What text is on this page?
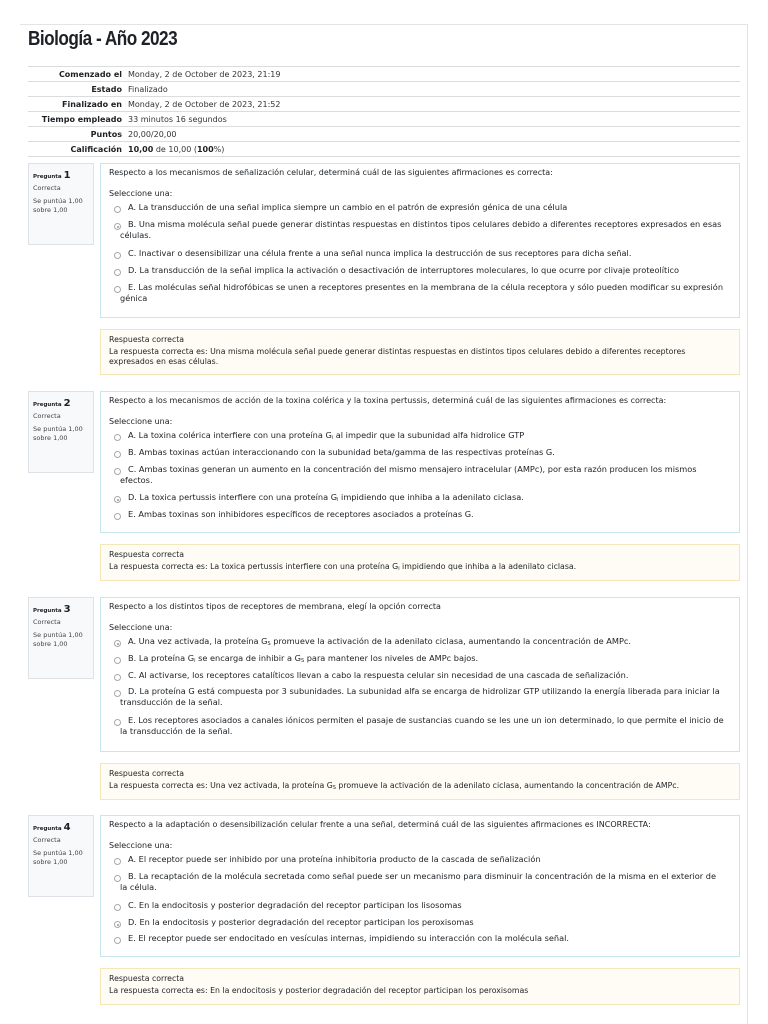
Biología - Año 2023
Comenzado el Monday, 2 de October de 2023, 21:19
Estado Finalizado
Finalizado en Monday, 2 de October de 2023, 21:52
Tiempo empleado 33 minutos 16 segundos
Puntos 20,00/20,00
Calificación 10,00 de 10,00 (100%)
Pregunta 1
Correcta
Se puntúa 1,00 sobre 1,00
Respecto a los mecanismos de señalización celular, determiná cuál de las siguientes afirmaciones es correcta:
Seleccione una:
A. La transducción de una señal implica siempre un cambio en el patrón de expresión génica de una célula
B. Una misma molécula señal puede generar distintas respuestas en distintos tipos celulares debido a diferentes receptores expresados en esas células.
C. Inactivar o desensibilizar una célula frente a una señal nunca implica la destrucción de sus receptores para dicha señal.
D. La transducción de la señal implica la activación o desactivación de interruptores moleculares, lo que ocurre por clivaje proteolítico
E. Las moléculas señal hidrofóbicas se unen a receptores presentes en la membrana de la célula receptora y sólo pueden modificar su expresión génica
Respuesta correcta
La respuesta correcta es: Una misma molécula señal puede generar distintas respuestas en distintos tipos celulares debido a diferentes receptores expresados en esas células.
Pregunta 2
Correcta
Se puntúa 1,00 sobre 1,00
Respecto a los mecanismos de acción de la toxina colérica y la toxina pertussis, determiná cuál de las siguientes afirmaciones es correcta:
Seleccione una:
A. La toxina colérica interfiere con una proteína $G_i$ al impedir que la subunidad alfa hidrolice GTP
B. Ambas toxinas actúan interaccionando con la subunidad beta/gamma de las respectivas proteínas G.
C. Ambas toxinas generan un aumento en la concentración del mismo mensajero intracelular (AMPc), por esta razón producen los mismos efectos.
D. La toxica pertussis interfiere con una proteína $G_i$ impidiendo que inhiba a la adenilato ciclasa.
E. Ambas toxinas son inhibidores específicos de receptores asociados a proteínas G.
Respuesta correcta
La respuesta correcta es: La toxica pertussis interfiere con una proteína $G_i$ impidiendo que inhiba a la adenilato ciclasa.
Pregunta 3
Correcta
Se puntúa 1,00 sobre 1,00
Respecto a los distintos tipos de receptores de membrana, elegí la opción correcta
Seleccione una:
A. Una vez activada, la proteína $G_S$ promueve la activación de la adenilato ciclasa, aumentando la concentración de AMPc.
B. La proteína $G_i$ se encarga de inhibir a $G_S$ para mantener los niveles de AMPc bajos.
C. Al activarse, los receptores catalíticos llevan a cabo la respuesta celular sin necesidad de una cascada de señalización.
D. La proteína G está compuesta por 3 subunidades. La subunidad alfa se encarga de hidrolizar GTP utilizando la energía liberada para iniciar la transducción de la señal.
E. Los receptores asociados a canales iónicos permiten el pasaje de sustancias cuando se les une un ion determinado, lo que permite el inicio de la transducción de la señal.
Respuesta correcta
La respuesta correcta es: Una vez activada, la proteína $G_S$ promueve la activación de la adenilato ciclasa, aumentando la concentración de AMPc.
Pregunta 4
Correcta
Se puntúa 1,00 sobre 1,00
Respecto a la adaptación o desensibilización celular frente a una señal, determiná cuál de las siguientes afirmaciones es INCORRECTA:
Seleccione una:
A. El receptor puede ser inhibido por una proteína inhibitoria producto de la cascada de señalización
B. La recaptación de la molécula secretada como señal puede ser un mecanismo para disminuir la concentración de la misma en el exterior de la célula.
C. En la endocitosis y posterior degradación del receptor participan los lisosomas
D. En la endocitosis y posterior degradación del receptor participan los peroxisomas
E. El receptor puede ser endocitado en vesículas internas, impidiendo su interacción con la molécula señal.
Respuesta correcta
La respuesta correcta es: En la endocitosis y posterior degradación del receptor participan los peroxisomas
